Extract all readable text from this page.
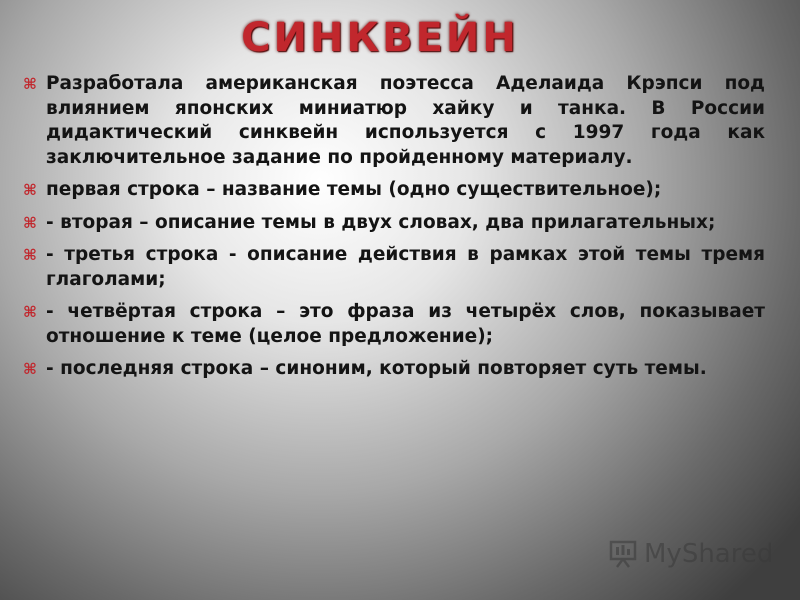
СИНКВЕЙН
⌘ Разработала американская поэтесса Аделаида Крэпси под влиянием японских миниатюр хайку и танка. В России дидактический синквейн используется с 1997 года как заключительное задание по пройденному материалу.
⌘ первая строка – название темы (одно существительное);
⌘ - вторая – описание темы в двух словах, два прилагательных;
⌘ - третья строка - описание действия в рамках этой темы тремя глаголами;
⌘ - четвёртая строка – это фраза из четырёх слов, показывает отношение к теме (целое предложение);
⌘ - последняя строка – синоним, который повторяет суть темы.
MyShared
